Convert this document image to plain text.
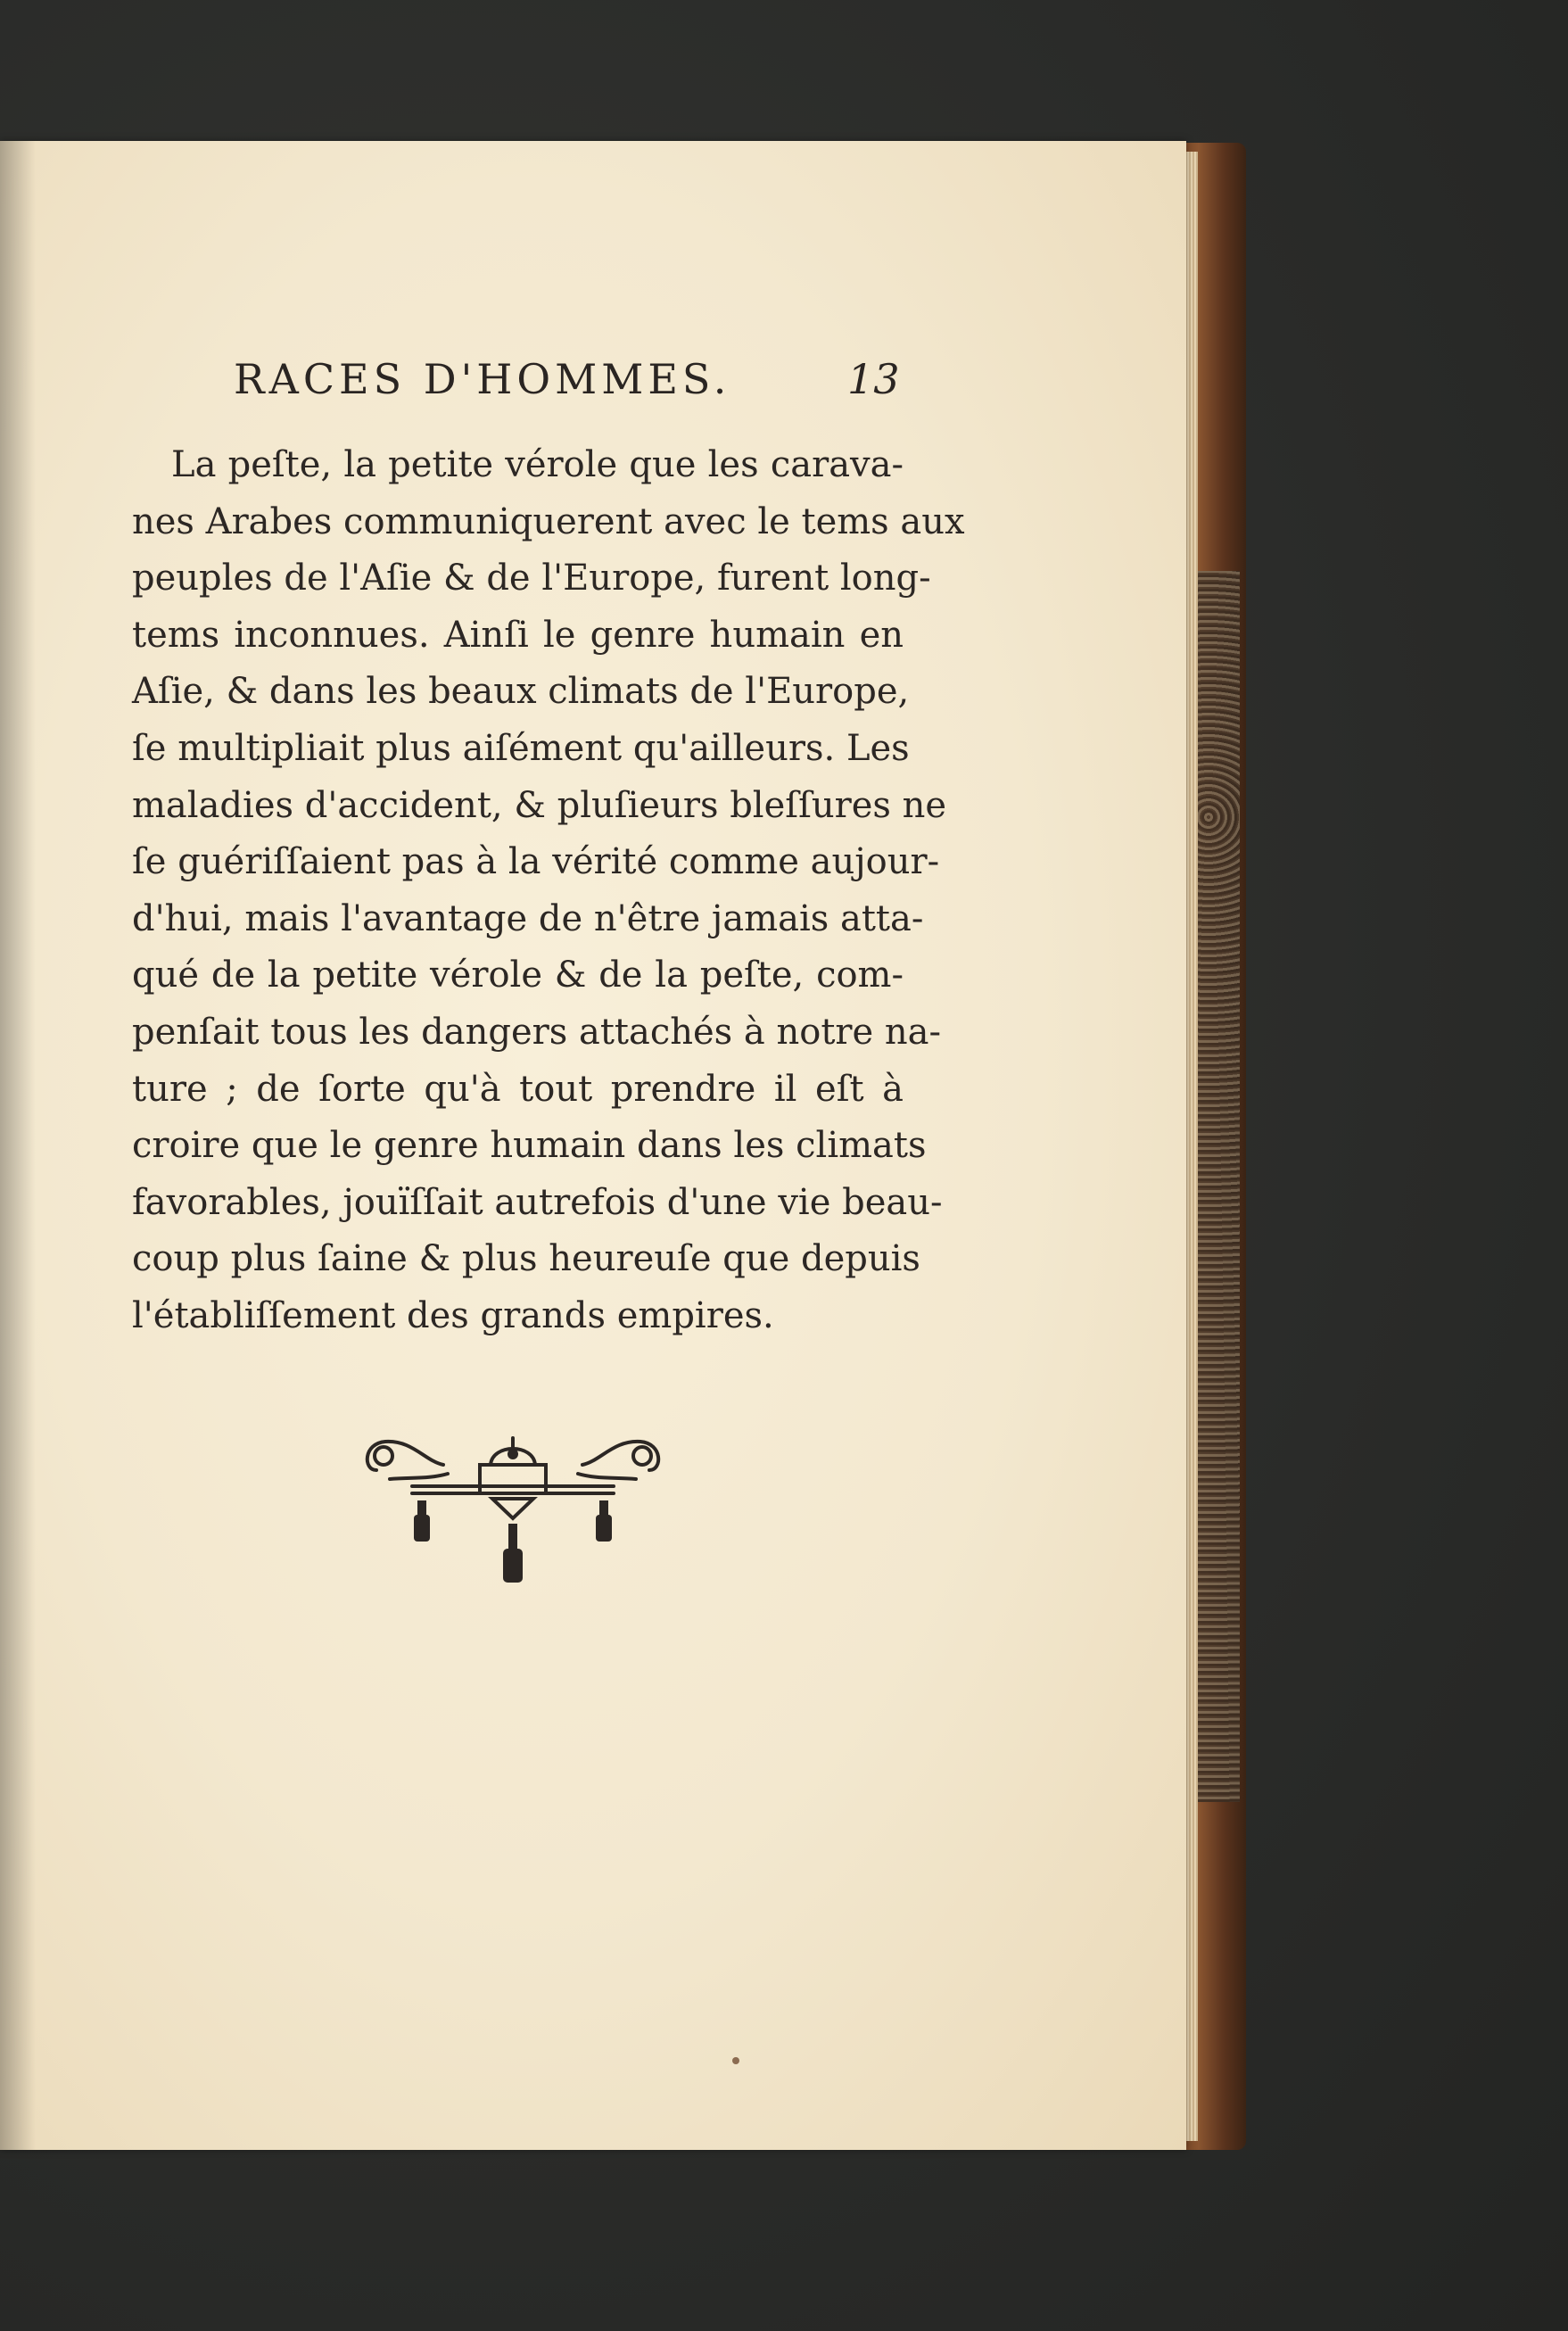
RACES D'HOMMES.	13
La peſte, la petite vérole que les carava-
nes Arabes communiquerent avec le tems aux
peuples de l'Aſie & de l'Europe, furent long-
tems inconnues. Ainſi le genre humain en
Aſie, & dans les beaux climats de l'Europe,
ſe multipliait plus aiſément qu'ailleurs. Les
maladies d'accident, & pluſieurs bleſſures ne
ſe guériſſaient pas à la vérité comme aujour-
d'hui, mais l'avantage de n'être jamais atta-
qué de la petite vérole & de la peſte, com-
penſait tous les dangers attachés à notre na-
ture ; de ſorte qu'à tout prendre il eſt à
croire que le genre humain dans les climats
favorables, jouïſſait autrefois d'une vie beau-
coup plus ſaine & plus heureuſe que depuis
l'établiſſement des grands empires.
